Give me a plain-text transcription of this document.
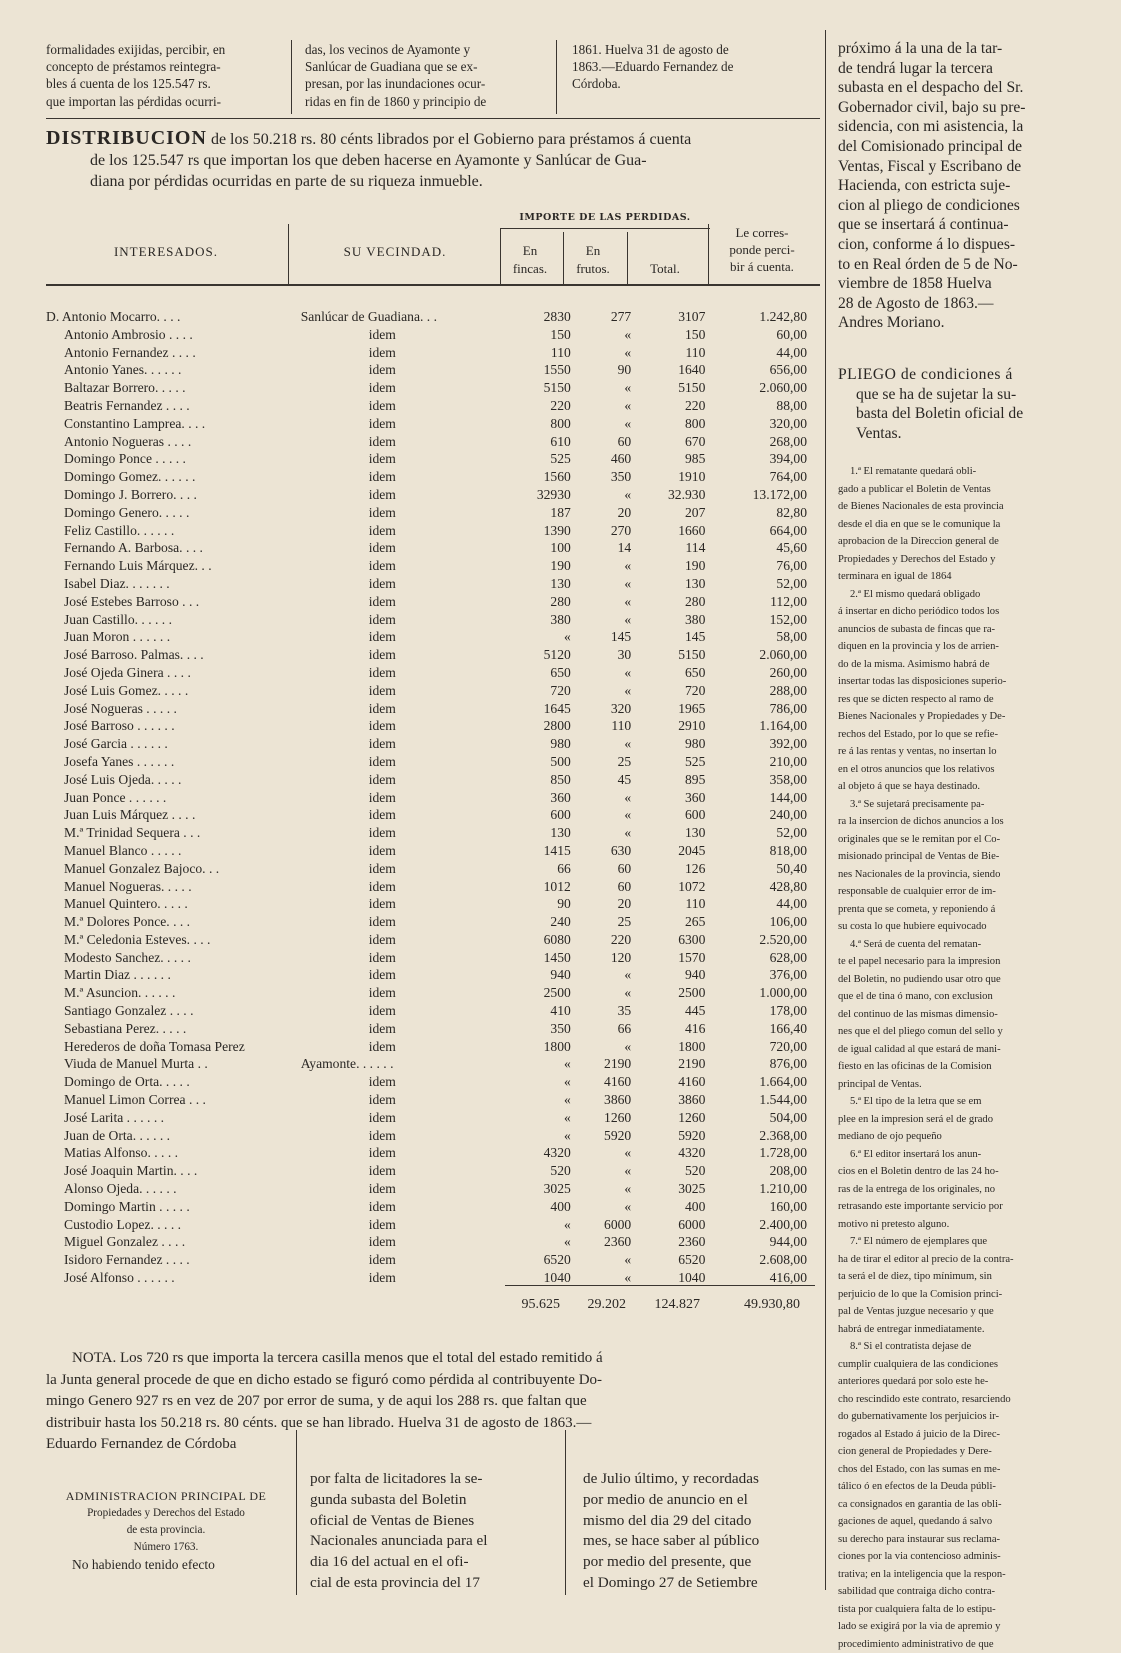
formalidades exijidas, percibir, en
concepto de préstamos reintegra-
bles á cuenta de los 125.547 rs.
que importan las pérdidas ocurri-
das, los vecinos de Ayamonte y
Sanlúcar de Guadiana que se ex-
presan, por las inundaciones ocur-
ridas en fin de 1860 y principio de
1861. Huelva 31 de agosto de
1863.—Eduardo Fernandez de
Córdoba.
DISTRIBUCION de los 50.218 rs. 80 cénts librados por el Gobierno para préstamos á cuenta
de los 125.547 rs que importan los que deben hacerse en Ayamonte y Sanlúcar de Gua-
diana por pérdidas ocurridas en parte de su riqueza inmueble.
IMPORTE DE LAS PERDIDAS.
INTERESADOS.	SU VECINDAD.	En
fincas.
En
frutos.	Total.
Le corres-
ponde perci-
bir á cuenta.
D. Antonio Mocarro. . . .	Sanlúcar de Guadiana. . .	2830	277	3107	1.242,80
Antonio Ambrosio . . . .	idem	150	«	150	60,00
Antonio Fernandez . . . .	idem	110	«	110	44,00
Antonio Yanes. . . . . .	idem	1550	90	1640	656,00
Baltazar Borrero. . . . .	idem	5150	«	5150	2.060,00
Beatris Fernandez . . . .	idem	220	«	220	88,00
Constantino Lamprea. . . .	idem	800	«	800	320,00
Antonio Nogueras . . . .	idem	610	60	670	268,00
Domingo Ponce . . . . .	idem	525	460	985	394,00
Domingo Gomez. . . . . .	idem	1560	350	1910	764,00
Domingo J. Borrero. . . .	idem	32930	«	32.930	13.172,00
Domingo Genero. . . . .	idem	187	20	207	82,80
Feliz Castillo. . . . . .	idem	1390	270	1660	664,00
Fernando A. Barbosa. . . .	idem	100	14	114	45,60
Fernando Luis Márquez. . .	idem	190	«	190	76,00
Isabel Diaz. . . . . . .	idem	130	«	130	52,00
José Estebes Barroso . . .	idem	280	«	280	112,00
Juan Castillo. . . . . .	idem	380	«	380	152,00
Juan Moron . . . . . .	idem	«	145	145	58,00
José Barroso. Palmas. . . .	idem	5120	30	5150	2.060,00
José Ojeda Ginera . . . .	idem	650	«	650	260,00
José Luis Gomez. . . . .	idem	720	«	720	288,00
José Nogueras . . . . .	idem	1645	320	1965	786,00
José Barroso . . . . . .	idem	2800	110	2910	1.164,00
José Garcia . . . . . .	idem	980	«	980	392,00
Josefa Yanes . . . . . .	idem	500	25	525	210,00
José Luis Ojeda. . . . .	idem	850	45	895	358,00
Juan Ponce . . . . . .	idem	360	«	360	144,00
Juan Luis Márquez . . . .	idem	600	«	600	240,00
M.ª Trinidad Sequera . . .	idem	130	«	130	52,00
Manuel Blanco . . . . .	idem	1415	630	2045	818,00
Manuel Gonzalez Bajoco. . .	idem	66	60	126	50,40
Manuel Nogueras. . . . .	idem	1012	60	1072	428,80
Manuel Quintero. . . . .	idem	90	20	110	44,00
M.ª Dolores Ponce. . . .	idem	240	25	265	106,00
M.ª Celedonia Esteves. . . .	idem	6080	220	6300	2.520,00
Modesto Sanchez. . . . .	idem	1450	120	1570	628,00
Martin Diaz . . . . . .	idem	940	«	940	376,00
M.ª Asuncion. . . . . .	idem	2500	«	2500	1.000,00
Santiago Gonzalez . . . .	idem	410	35	445	178,00
Sebastiana Perez. . . . .	idem	350	66	416	166,40
Herederos de doña Tomasa Perez	idem	1800	«	1800	720,00
Viuda de Manuel Murta . .	Ayamonte. . . . . .	«	2190	2190	876,00
Domingo de Orta. . . . .	idem	«	4160	4160	1.664,00
Manuel Limon Correa . . .	idem	«	3860	3860	1.544,00
José Larita . . . . . .	idem	«	1260	1260	504,00
Juan de Orta. . . . . .	idem	«	5920	5920	2.368,00
Matias Alfonso. . . . .	idem	4320	«	4320	1.728,00
José Joaquin Martin. . . .	idem	520	«	520	208,00
Alonso Ojeda. . . . . .	idem	3025	«	3025	1.210,00
Domingo Martin . . . . .	idem	400	«	400	160,00
Custodio Lopez. . . . .	idem	«	6000	6000	2.400,00
Miguel Gonzalez . . . .	idem	«	2360	2360	944,00
Isidoro Fernandez . . . .	idem	6520	«	6520	2.608,00
José Alfonso . . . . . .	idem	1040	«	1040	416,00
95.625	29.202	124.827	49.930,80
NOTA. Los 720 rs que importa la tercera casilla menos que el total del estado remitido á
la Junta general procede de que en dicho estado se figuró como pérdida al contribuyente Do-
mingo Genero 927 rs en vez de 207 por error de suma, y de aqui los 288 rs. que faltan que
distribuir hasta los 50.218 rs. 80 cénts. que se han librado. Huelva 31 de agosto de 1863.—
Eduardo Fernandez de Córdoba
ADMINISTRACION PRINCIPAL DE
Propiedades y Derechos del Estado
de esta provincia.
Número 1763.
No habiendo tenido efecto
por falta de licitadores la se-
gunda subasta del Boletin
oficial de Ventas de Bienes
Nacionales anunciada para el
dia 16 del actual en el ofi-
cial de esta provincia del 17
de Julio último, y recordadas
por medio de anuncio en el
mismo del dia 29 del citado
mes, se hace saber al público
por medio del presente, que
el Domingo 27 de Setiembre
próximo á la una de la tar-
de tendrá lugar la tercera
subasta en el despacho del Sr.
Gobernador civil, bajo su pre-
sidencia, con mi asistencia, la
del Comisionado principal de
Ventas, Fiscal y Escribano de
Hacienda, con estricta suje-
cion al pliego de condiciones
que se insertará á continua-
cion, conforme á lo dispues-
to en Real órden de 5 de No-
viembre de 1858 Huelva
28 de Agosto de 1863.—
Andres Moriano.
PLIEGO de condiciones á
que se ha de sujetar la su-
basta del Boletin oficial de
Ventas.
1.ª El rematante quedará obli-
gado a publicar el Boletin de Ventas
de Bienes Nacionales de esta provincia
desde el dia en que se le comunique la
aprobacion de la Direccion general de
Propiedades y Derechos del Estado y
terminara en igual de 1864
2.ª El mismo quedará obligado
á insertar en dicho periódico todos los
anuncios de subasta de fincas que ra-
diquen en la provincia y los de arrien-
do de la misma. Asimismo habrá de
insertar todas las disposiciones superio-
res que se dicten respecto al ramo de
Bienes Nacionales y Propiedades y De-
rechos del Estado, por lo que se refie-
re á las rentas y ventas, no insertan lo
en el otros anuncios que los relativos
al objeto á que se haya destinado.
3.ª Se sujetará precisamente pa-
ra la insercion de dichos anuncios a los
originales que se le remitan por el Co-
misionado principal de Ventas de Bie-
nes Nacionales de la provincia, siendo
responsable de cualquier error de im-
prenta que se cometa, y reponiendo á
su costa lo que hubiere equivocado
4.ª Será de cuenta del rematan-
te el papel necesario para la impresion
del Boletin, no pudiendo usar otro que
que el de tina ó mano, con exclusion
del continuo de las mismas dimensio-
nes que el del pliego comun del sello y
de igual calidad al que estará de mani-
fiesto en las oficinas de la Comision
principal de Ventas.
5.ª El tipo de la letra que se em
plee en la impresion será el de grado
mediano de ojo pequeño
6.ª El editor insertará los anun-
cios en el Boletin dentro de las 24 ho-
ras de la entrega de los originales, no
retrasando este importante servicio por
motivo ni pretesto alguno.
7.ª El número de ejemplares que
ha de tirar el editor al precio de la contra-
ta será el de diez, tipo mínimum, sin
perjuicio de lo que la Comision princi-
pal de Ventas juzgue necesario y que
habrá de entregar inmediatamente.
8.ª Si el contratista dejase de
cumplir cualquiera de las condiciones
anteriores quedará por solo este he-
cho rescindido este contrato, resarciendo
do gubernativamente los perjuicios ir-
rogados al Estado á juicio de la Direc-
cion general de Propiedades y Dere-
chos del Estado, con las sumas en me-
tálico ó en efectos de la Deuda públi-
ca consignados en garantia de las obli-
gaciones de aquel, quedando á salvo
su derecho para instaurar sus reclama-
ciones por la via contencioso adminis-
trativa; en la inteligencia que la respon-
sabilidad que contraiga dicho contra-
tista por cualquiera falta de lo estipu-
lado se exigirá por la via de apremio y
procedimiento administrativo de que
